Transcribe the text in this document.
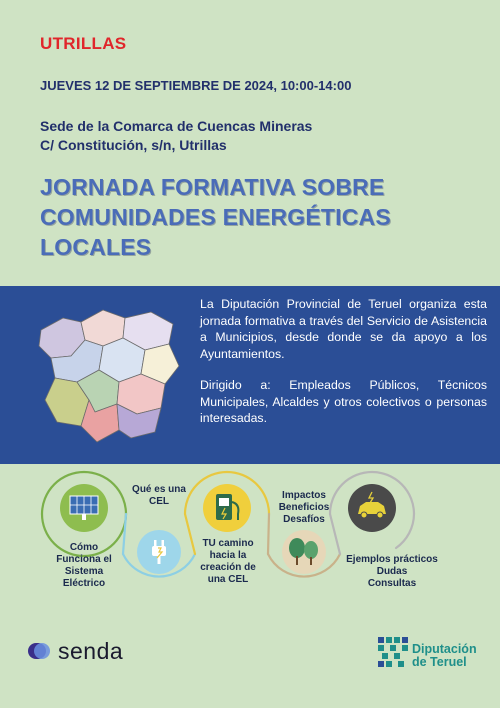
UTRILLAS
JUEVES 12 DE SEPTIEMBRE DE 2024, 10:00-14:00
Sede de la Comarca de Cuencas Mineras
C/ Constitución, s/n, Utrillas
JORNADA FORMATIVA SOBRE
COMUNIDADES ENERGÉTICAS
LOCALES

La Diputación Provincial de Teruel organiza esta jornada formativa a través del Servicio de Asistencia a Municipios, desde donde se da apoyo a los Ayuntamientos.

Dirigido a: Empleados Públicos, Técnicos Municipales, Alcaldes y otros colectivos o personas interesadas.

Cómo
Funciona el
Sistema
Eléctrico
Qué es una
CEL
TU camino
hacia la
creación de
una CEL
Impactos
Beneficios
Desafíos
Ejemplos prácticos
Dudas
Consultas
senda	Diputación
de Teruel
